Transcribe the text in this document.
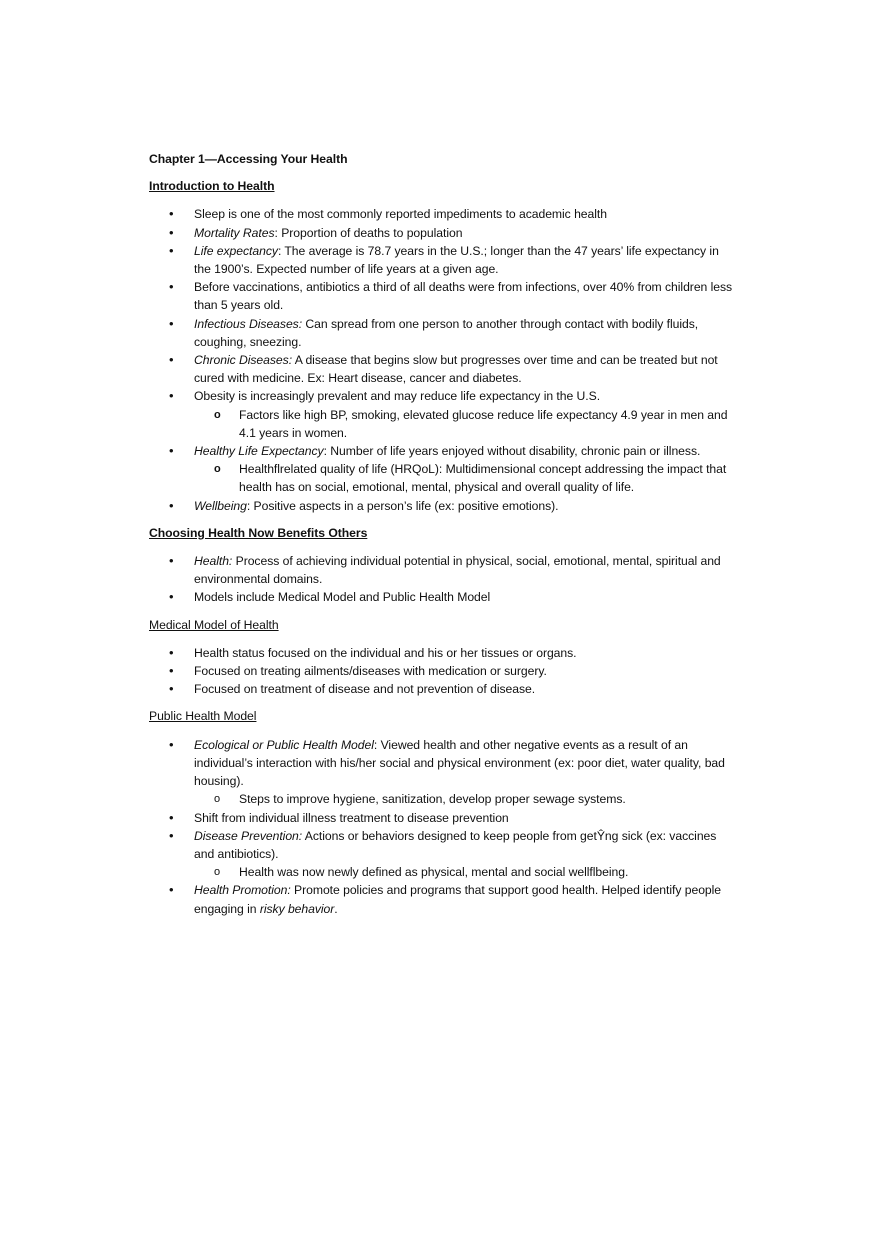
Chapter 1—Accessing Your Health
Introduction to Health
• Sleep is one of the most commonly reported impediments to academic health
• Mortality Rates: Proportion of deaths to population
• Life expectancy: The average is 78.7 years in the U.S.; longer than the 47 years’ life expectancy in the 1900’s. Expected number of life years at a given age.
• Before vaccinations, antibiotics a third of all deaths were from infections, over 40% from children less than 5 years old.
• Infectious Diseases: Can spread from one person to another through contact with bodily fluids, coughing, sneezing.
• Chronic Diseases: A disease that begins slow but progresses over time and can be treated but not cured with medicine. Ex: Heart disease, cancer and diabetes.
• Obesity is increasingly prevalent and may reduce life expectancy in the U.S.
o Factors like high BP, smoking, elevated glucose reduce life expectancy 4.9 year in men and 4.1 years in women.
• Healthy Life Expectancy: Number of life years enjoyed without disability, chronic pain or illness.
o Healthflrelated quality of life (HRQoL): Multidimensional concept addressing the impact that health has on social, emotional, mental, physical and overall quality of life.
• Wellbeing: Positive aspects in a person’s life (ex: positive emotions).
Choosing Health Now Benefits Others
• Health: Process of achieving individual potential in physical, social, emotional, mental, spiritual and environmental domains.
• Models include Medical Model and Public Health Model
Medical Model of Health
• Health status focused on the individual and his or her tissues or organs.
• Focused on treating ailments/diseases with medication or surgery.
• Focused on treatment of disease and not prevention of disease.
Public Health Model
• Ecological or Public Health Model: Viewed health and other negative events as a result of an individual’s interaction with his/her social and physical environment (ex: poor diet, water quality, bad housing).
o Steps to improve hygiene, sanitization, develop proper sewage systems.
• Shift from individual illness treatment to disease prevention
• Disease Prevention: Actions or behaviors designed to keep people from getŶng sick (ex: vaccines and antibiotics).
o Health was now newly defined as physical, mental and social wellflbeing.
• Health Promotion: Promote policies and programs that support good health. Helped identify people engaging in risky behavior.
